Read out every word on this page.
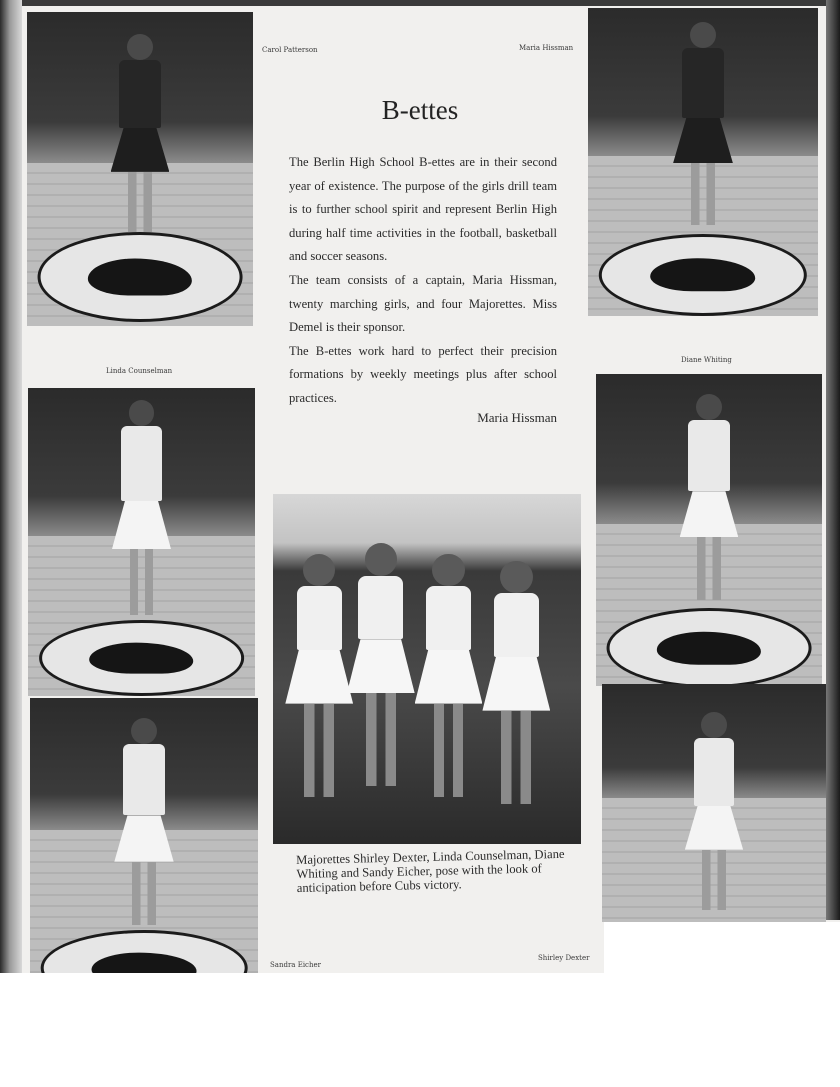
Carol Patterson	Maria Hissman
Linda Counselman
Diane Whiting
Sandra Eicher
Shirley Dexter
B-ettes

The Berlin High School B-ettes are in their second year of existence. The purpose of the girls drill team is to further school spirit and represent Berlin High during half time activities in the football, basketball and soccer seasons.

The team consists of a captain, Maria Hissman, twenty marching girls, and four Majorettes. Miss Demel is their sponsor.

The B-ettes work hard to perfect their precision formations by weekly meetings plus after school practices.

Maria Hissman
Majorettes Shirley Dexter, Linda Counselman, Diane Whiting and Sandy Eicher, pose with the look of anticipation before Cubs victory.
